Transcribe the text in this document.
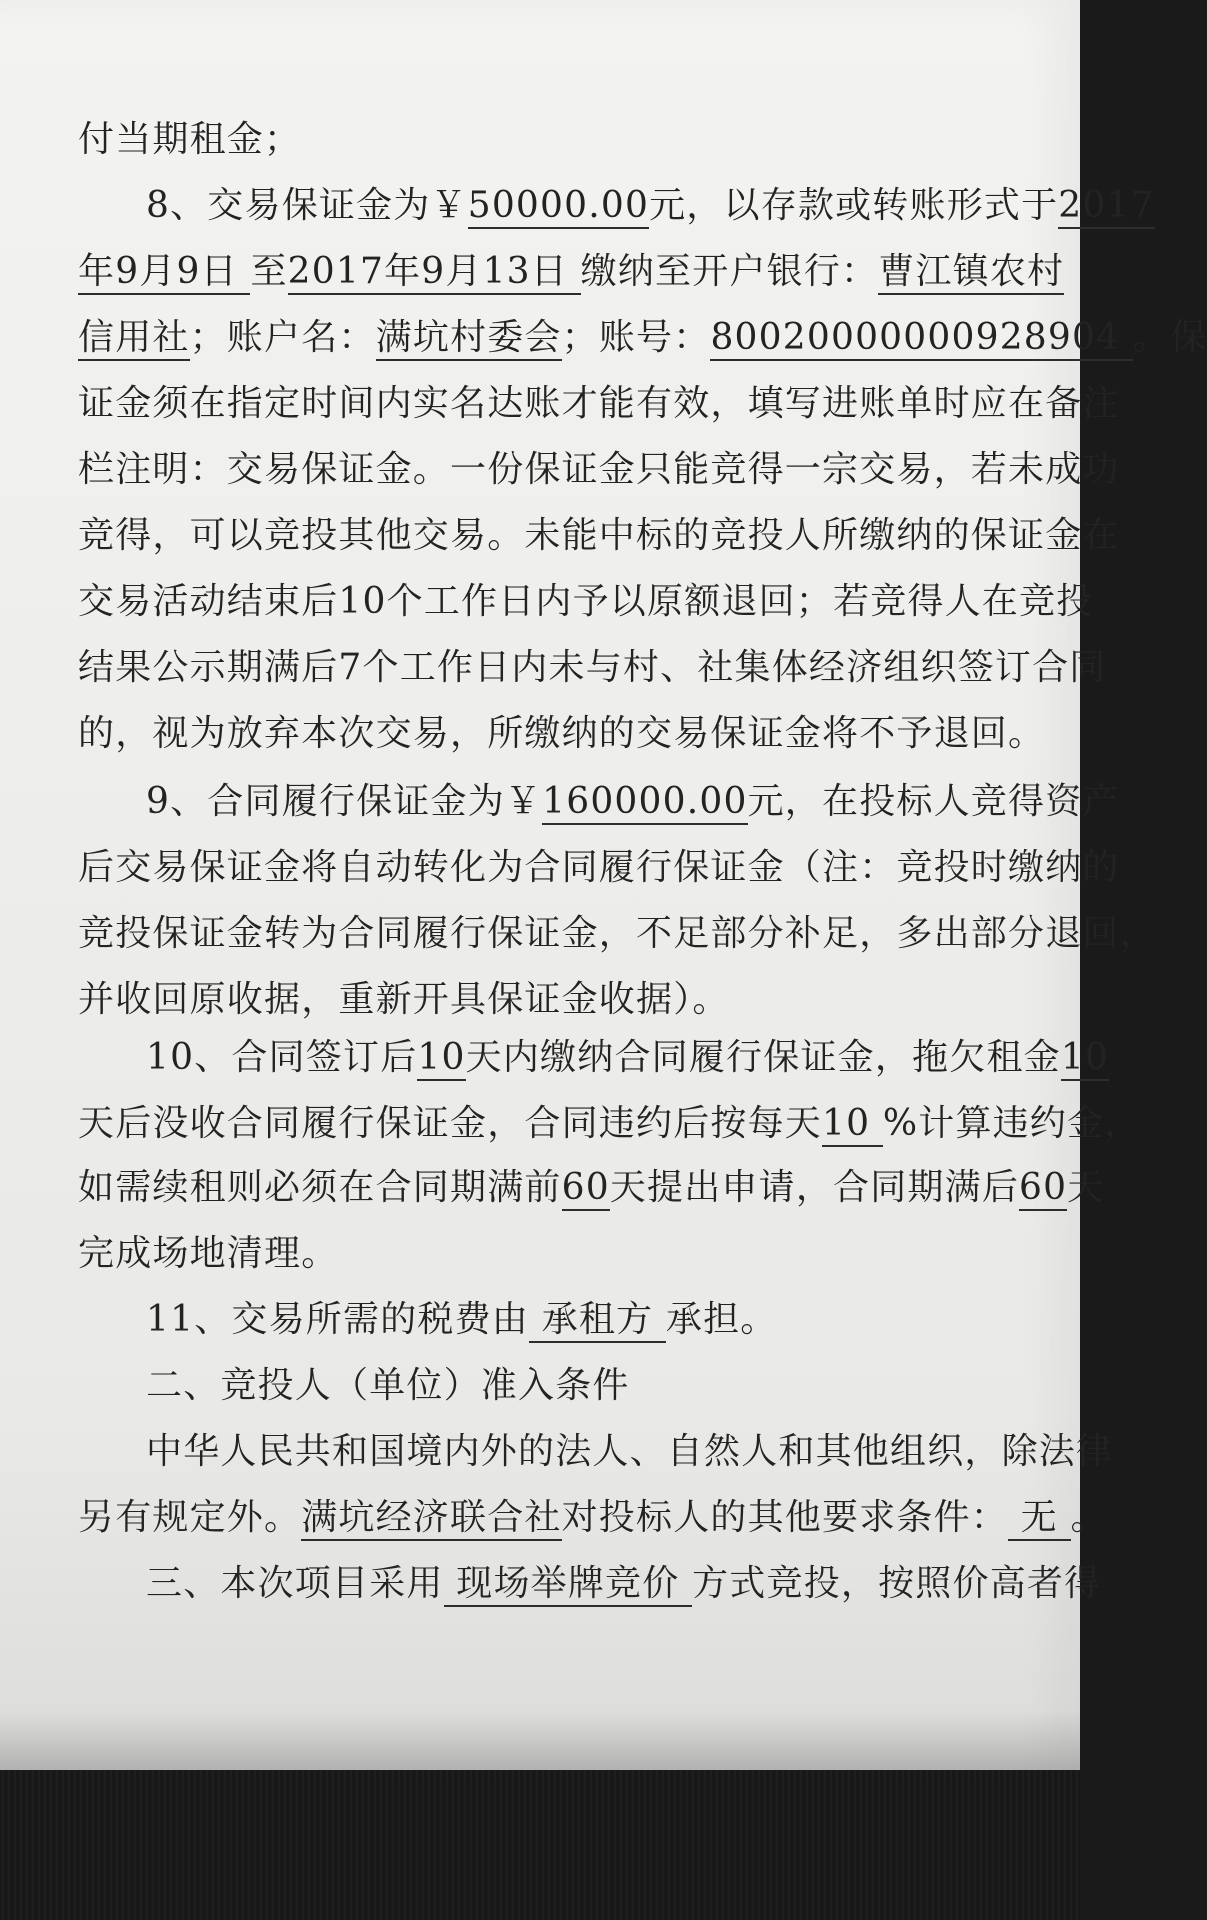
付当期租金；
8、交易保证金为￥50000.00元，以存款或转账形式于2017
年9月9日 至2017年9月13日 缴纳至开户银行：曹江镇农村
信用社；账户名：满坑村委会；账号：80020000000928904 。保
证金须在指定时间内实名达账才能有效，填写进账单时应在备注
栏注明：交易保证金。一份保证金只能竞得一宗交易，若未成功
竞得，可以竞投其他交易。未能中标的竞投人所缴纳的保证金在
交易活动结束后10个工作日内予以原额退回；若竞得人在竞投
结果公示期满后7个工作日内未与村、社集体经济组织签订合同
的，视为放弃本次交易，所缴纳的交易保证金将不予退回。
9、合同履行保证金为￥160000.00元，在投标人竞得资产
后交易保证金将自动转化为合同履行保证金（注：竞投时缴纳的
竞投保证金转为合同履行保证金，不足部分补足，多出部分退回，
并收回原收据，重新开具保证金收据）。
10、合同签订后10天内缴纳合同履行保证金，拖欠租金10
天后没收合同履行保证金，合同违约后按每天10 %计算违约金，
如需续租则必须在合同期满前60天提出申请，合同期满后60天
完成场地清理。
11、交易所需的税费由 承租方 承担。
二、竞投人（单位）准入条件
中华人民共和国境内外的法人、自然人和其他组织，除法律
另有规定外。满坑经济联合社对投标人的其他要求条件： 无 。
三、本次项目采用 现场举牌竞价 方式竞投，按照价高者得
